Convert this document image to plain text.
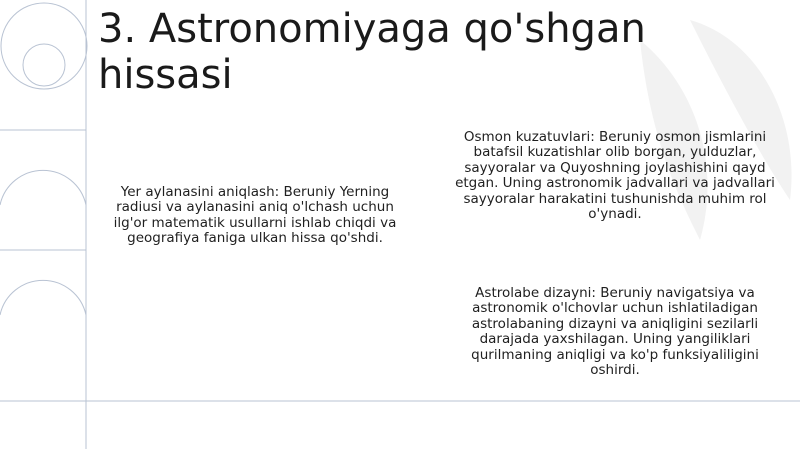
3. Astronomiyaga qo'shgan hissasi
Yer aylanasini aniqlash: Beruniy Yerning radiusi va aylanasini aniq o'lchash uchun ilg'or matematik usullarni ishlab chiqdi va geografiya faniga ulkan hissa qo'shdi.
Osmon kuzatuvlari: Beruniy osmon jismlarini batafsil kuzatishlar olib borgan, yulduzlar, sayyoralar va Quyoshning joylashishini qayd etgan. Uning astronomik jadvallari va jadvallari sayyoralar harakatini tushunishda muhim rol o'ynadi.
Astrolabe dizayni: Beruniy navigatsiya va astronomik o'lchovlar uchun ishlatiladigan astrolabaning dizayni va aniqligini sezilarli darajada yaxshilagan. Uning yangiliklari qurilmaning aniqligi va ko'p funksiyaliligini oshirdi.
